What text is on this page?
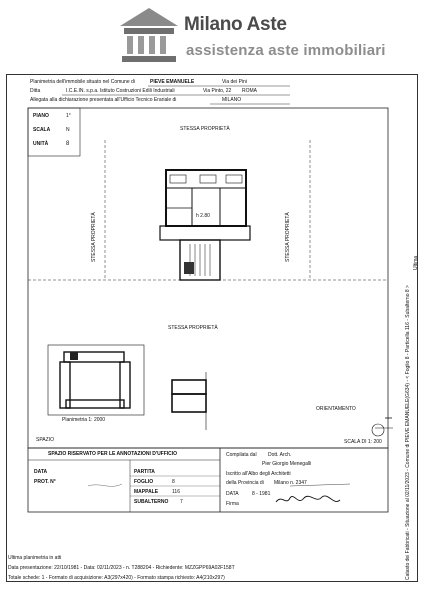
Milano Aste
assistenza aste immobiliari
Planimetria dell'immobile situato nel Comune di	PIEVE EMANUELE	Via dei Pini
Ditta	I.C.E.IN. s.p.a. Istituto Costruzioni Edili Industriali	Via Pinto, 22 ROMA
Allegata alla dichiarazione presentata all'Ufficio Tecnico Erariale di	MILANO
PIANO	1°
SCALA	N
UNITÀ	8
STESSA PROPRIETÀ
STESSA PROPRIETÀ	STESSA PROPRIETÀ
STESSA PROPRIETÀ
h 2.80
SPAZIO
Planimetria 1: 2000
ORIENTAMENTO
SCALA DI 1: 200
SPAZIO RISERVATO PER LE ANNOTAZIONI D'UFFICIO
DATA
PROT. N°
PARTITA
FOGLIO	8
MAPPALE	116
SUBALTERNO 7
Compilata dal Dott. Arch.
Pier Giorgio Menegalli
Iscritto all'Albo degli Architetti
della Provincia di Milano n. 2347
DATA	8 - 1981
Firma
Ultima planimetria in atti
Data presentazione: 22/10/1981 - Data: 02/11/2023 - n. T288204 - Richiedente: MZZGPP69A02F158T
Totale schede: 1 - Formato di acquisizione: A3(297x420) - Formato stampa richiesto: A4(210x297)	Catasto dei Fabbricati - Situazione al 02/11/2023 - Comune di PIEVE EMANUELE(G634) - < Foglio 8 - Particella 116 - Subalterno 8 >
Ultima
